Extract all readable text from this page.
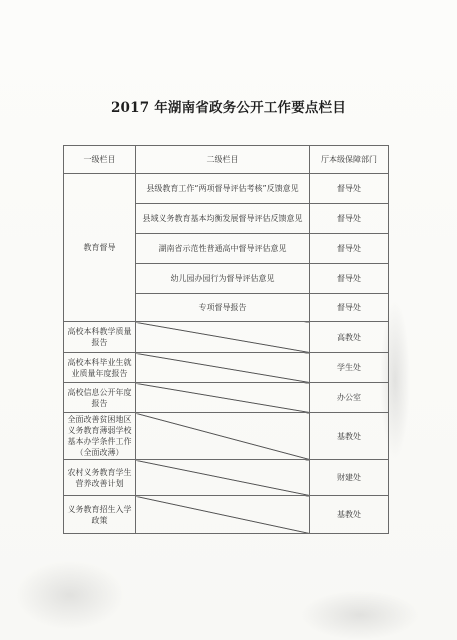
2017 年湖南省政务公开工作要点栏目
一级栏目	二级栏目	厅本级保障部门
教育督导	县级教育工作“两项督导评估考核”反馈意见	督导处
	县域义务教育基本均衡发展督导评估反馈意见	督导处
	湖南省示范性普通高中督导评估意见	督导处
	幼儿园办园行为督导评估意见	督导处
	专项督导报告	督导处
高校本科教学质量报告		高教处
高校本科毕业生就业质量年度报告		学生处
高校信息公开年度报告		办公室
全面改善贫困地区义务教育薄弱学校基本办学条件工作（全面改薄）		基教处
农村义务教育学生营养改善计划		财建处
义务教育招生入学政策		基教处
